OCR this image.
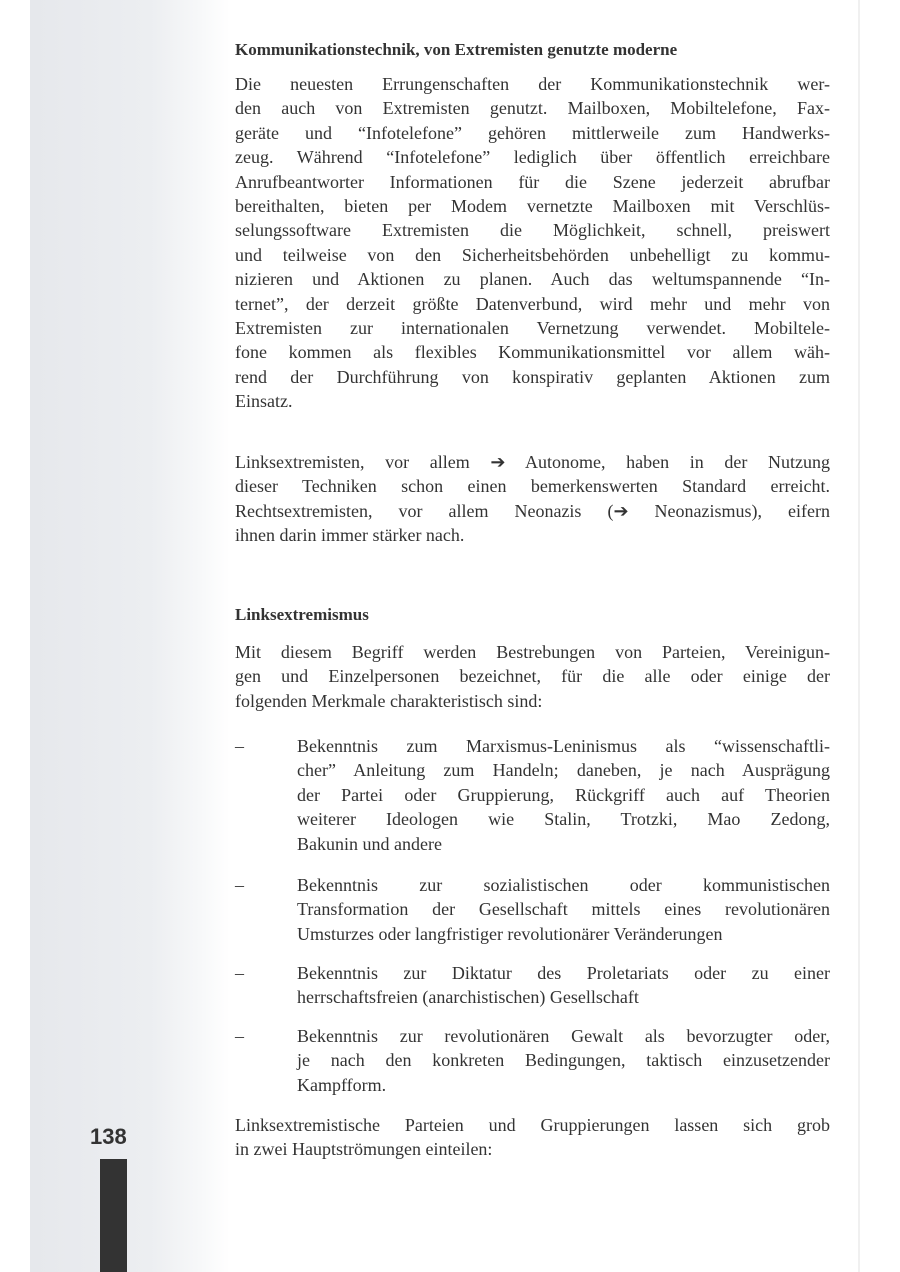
138
Kommunikationstechnik, von Extremisten genutzte moderne
Die neuesten Errungenschaften der Kommunikationstechnik wer-
den auch von Extremisten genutzt. Mailboxen, Mobiltelefone, Fax-
geräte und “Infotelefone” gehören mittlerweile zum Handwerks-
zeug. Während “Infotelefone” lediglich über öffentlich erreichbare
Anrufbeantworter Informationen für die Szene jederzeit abrufbar
bereithalten, bieten per Modem vernetzte Mailboxen mit Verschlüs-
selungssoftware Extremisten die Möglichkeit, schnell, preiswert
und teilweise von den Sicherheitsbehörden unbehelligt zu kommu-
nizieren und Aktionen zu planen. Auch das weltumspannende “In-
ternet”, der derzeit größte Datenverbund, wird mehr und mehr von
Extremisten zur internationalen Vernetzung verwendet. Mobiltele-
fone kommen als flexibles Kommunikationsmittel vor allem wäh-
rend der Durchführung von konspirativ geplanten Aktionen zum
Einsatz.
Linksextremisten, vor allem ➔ Autonome, haben in der Nutzung
dieser Techniken schon einen bemerkenswerten Standard erreicht.
Rechtsextremisten, vor allem Neonazis (➔ Neonazismus), eifern
ihnen darin immer stärker nach.
Linksextremismus
Mit diesem Begriff werden Bestrebungen von Parteien, Vereinigun-
gen und Einzelpersonen bezeichnet, für die alle oder einige der
folgenden Merkmale charakteristisch sind:
–	Bekenntnis zum Marxismus-Leninismus als “wissenschaftli-
cher” Anleitung zum Handeln; daneben, je nach Ausprägung
der Partei oder Gruppierung, Rückgriff auch auf Theorien
weiterer Ideologen wie Stalin, Trotzki, Mao Zedong,
Bakunin und andere
–	Bekenntnis zur sozialistischen oder kommunistischen
Transformation der Gesellschaft mittels eines revolutionären
Umsturzes oder langfristiger revolutionärer Veränderungen
–	Bekenntnis zur Diktatur des Proletariats oder zu einer
herrschaftsfreien (anarchistischen) Gesellschaft
–	Bekenntnis zur revolutionären Gewalt als bevorzugter oder,
je nach den konkreten Bedingungen, taktisch einzusetzender
Kampfform.
Linksextremistische Parteien und Gruppierungen lassen sich grob
in zwei Hauptströmungen einteilen:
